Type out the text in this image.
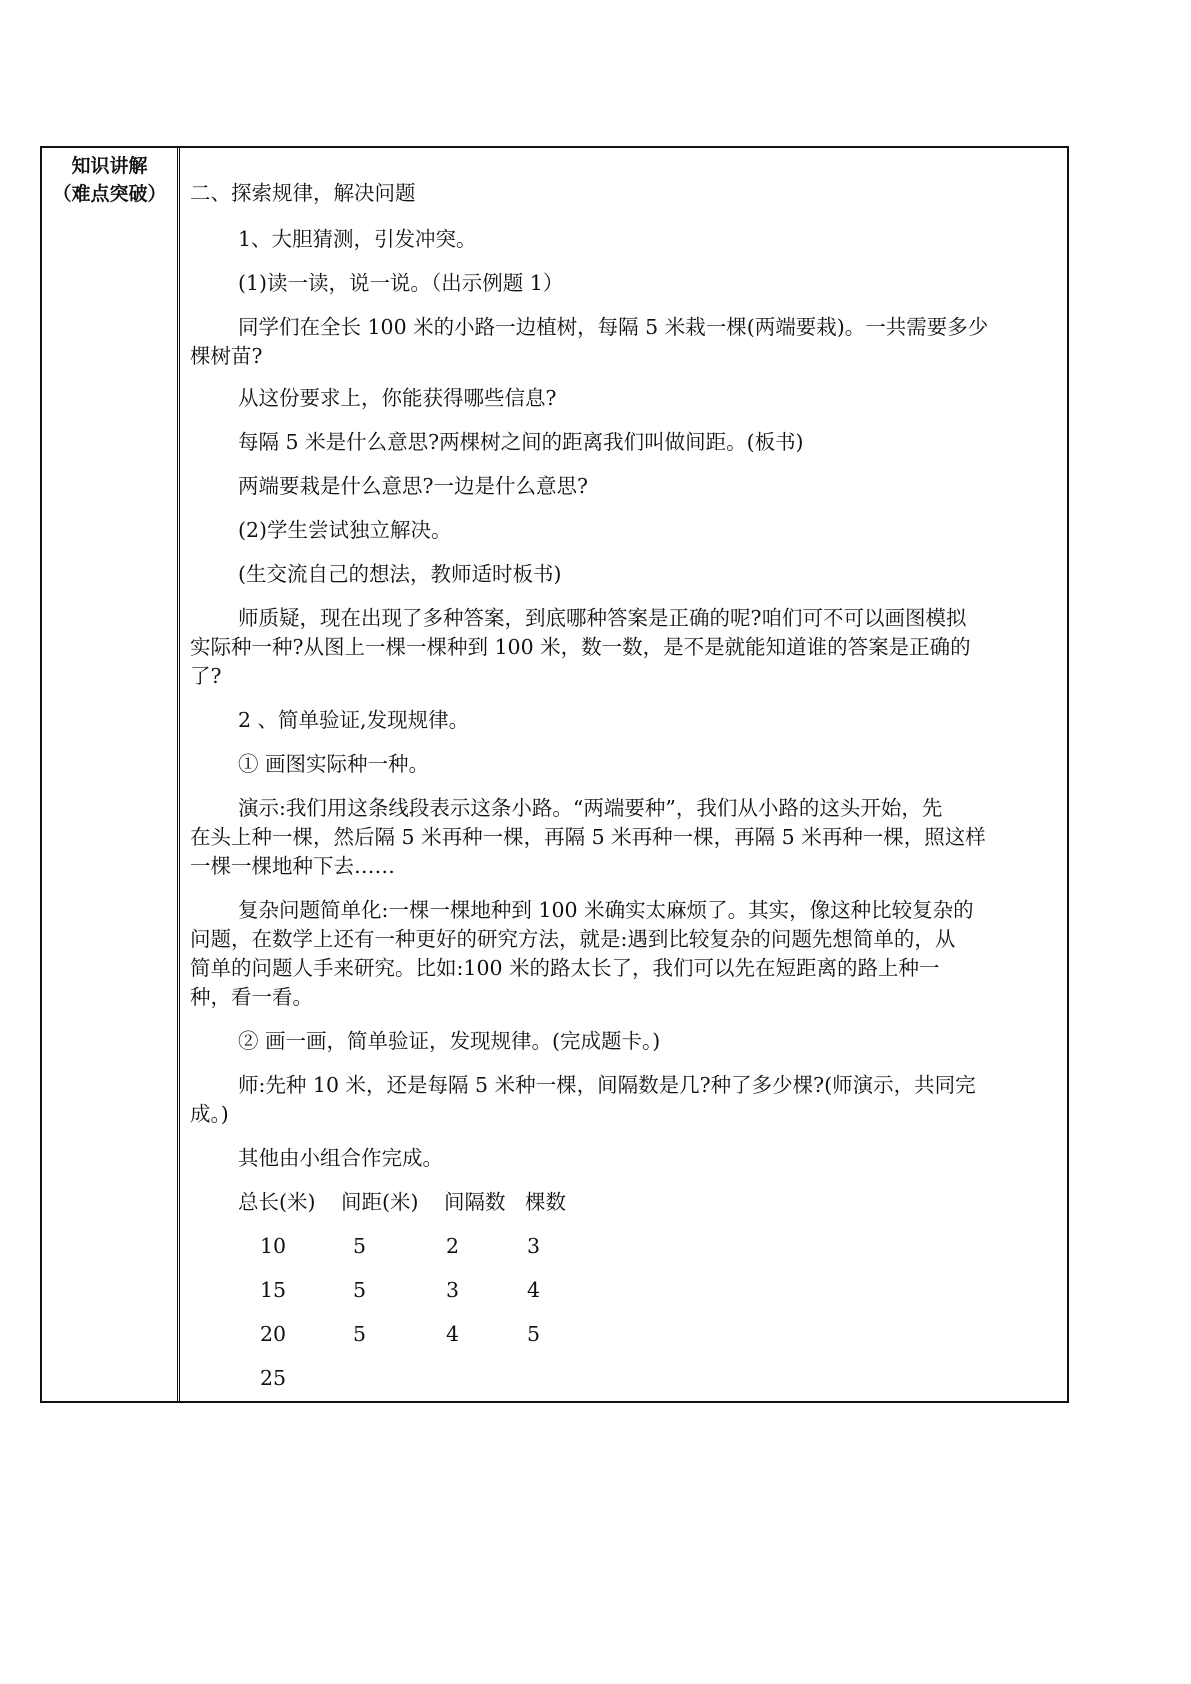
知识讲解
（难点突破）	二、探索规律，解决问题
1、大胆猜测，引发冲突。
(1)读一读，说一说。（出示例题 1）
同学们在全长 100 米的小路一边植树，每隔 5 米栽一棵(两端要栽)。一共需要多少
棵树苗?
从这份要求上，你能获得哪些信息?
每隔 5 米是什么意思?两棵树之间的距离我们叫做间距。(板书)
两端要栽是什么意思?一边是什么意思?
(2)学生尝试独立解决。
(生交流自己的想法，教师适时板书)
师质疑，现在出现了多种答案，到底哪种答案是正确的呢?咱们可不可以画图模拟
实际种一种?从图上一棵一棵种到 100 米，数一数，是不是就能知道谁的答案是正确的
了?
2 、简单验证,发现规律。
① 画图实际种一种。
演示:我们用这条线段表示这条小路。“两端要种”，我们从小路的这头开始，先
在头上种一棵，然后隔 5 米再种一棵，再隔 5 米再种一棵，再隔 5 米再种一棵，照这样
一棵一棵地种下去……
复杂问题简单化:一棵一棵地种到 100 米确实太麻烦了。其实，像这种比较复杂的
问题，在数学上还有一种更好的研究方法，就是:遇到比较复杂的问题先想简单的，从
简单的问题人手来研究。比如:100 米的路太长了，我们可以先在短距离的路上种一
种，看一看。
② 画一画，简单验证，发现规律。(完成题卡。)
师:先种 10 米，还是每隔 5 米种一棵，间隔数是几?种了多少棵?(师演示，共同完
成。)
其他由小组合作完成。
总长(米) 间距(米) 间隔数 棵数
10	5	2	3
15	5	3	4
20	5	4	5
25
